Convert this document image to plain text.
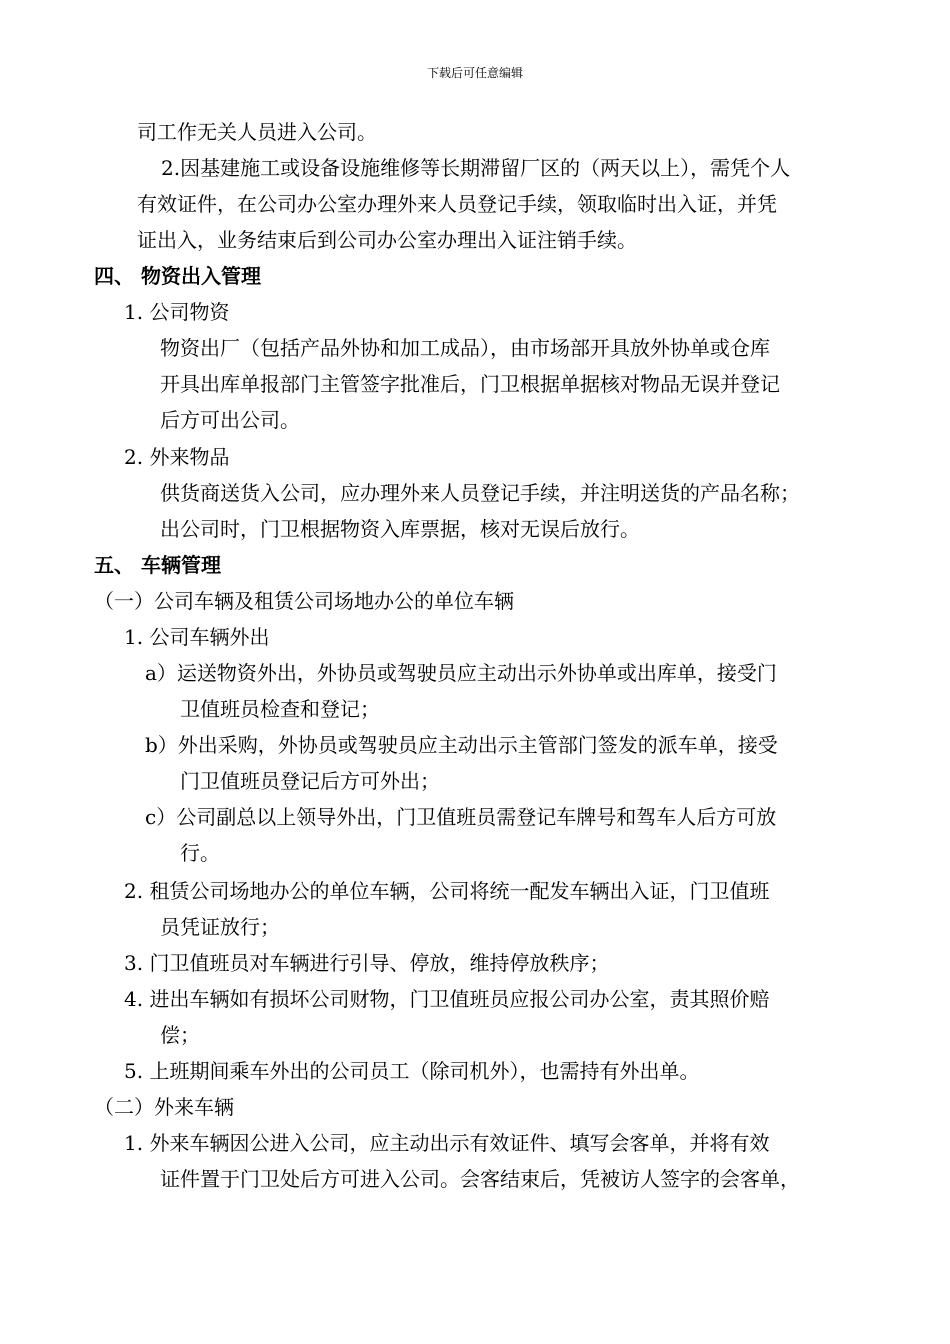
下载后可任意编辑
司工作无关人员进入公司。
2.因基建施工或设备设施维修等长期滞留厂区的（两天以上），需凭个人
有效证件，在公司办公室办理外来人员登记手续，领取临时出入证，并凭
证出入，业务结束后到公司办公室办理出入证注销手续。
四、 物资出入管理
1. 公司物资
物资出厂（包括产品外协和加工成品），由市场部开具放外协单或仓库
开具出库单报部门主管签字批准后，门卫根据单据核对物品无误并登记
后方可出公司。
2. 外来物品
供货商送货入公司，应办理外来人员登记手续，并注明送货的产品名称；
出公司时，门卫根据物资入库票据，核对无误后放行。
五、 车辆管理
（一）公司车辆及租赁公司场地办公的单位车辆
1. 公司车辆外出
a）运送物资外出，外协员或驾驶员应主动出示外协单或出库单，接受门
卫值班员检查和登记；
b）外出采购，外协员或驾驶员应主动出示主管部门签发的派车单，接受
门卫值班员登记后方可外出；
c）公司副总以上领导外出，门卫值班员需登记车牌号和驾车人后方可放
行。
2. 租赁公司场地办公的单位车辆，公司将统一配发车辆出入证，门卫值班
员凭证放行；
3. 门卫值班员对车辆进行引导、停放，维持停放秩序；
4. 进出车辆如有损坏公司财物，门卫值班员应报公司办公室，责其照价赔
偿；
5. 上班期间乘车外出的公司员工（除司机外），也需持有外出单。
（二）外来车辆
1. 外来车辆因公进入公司，应主动出示有效证件、填写会客单，并将有效
证件置于门卫处后方可进入公司。会客结束后，凭被访人签字的会客单，
